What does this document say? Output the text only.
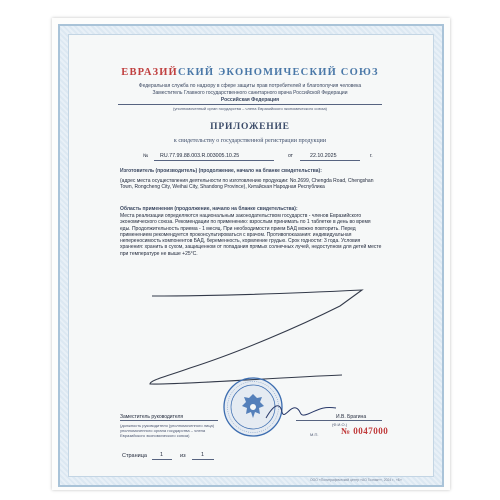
ЕВРАЗИЙСКИЙ ЭКОНОМИЧЕСКИЙ СОЮЗ
Федеральная служба по надзору в сфере защиты прав потребителей и благополучия человека
Заместитель Главного государственного санитарного врача Российской Федерации
Российская Федерация
(уполномоченный орган государства – члена Евразийского экономического союза)
ПРИЛОЖЕНИЕ
к свидетельству о государственной регистрации продукции
№ RU.77.99.88.003.R.003005.10.25	от	22.10.2025	г.
Изготовитель (производитель) (продолжение, начало на бланке свидетельства):
(адрес места осуществления деятельности по изготовлению продукции: No.2699, Chengda Road, Chengshan Town, Rongcheng City, Weihai City, Shandong Province), Китайская Народная Республика
Область применения (продолжение, начало на бланке свидетельства):
Места реализации определяются национальным законодательством государств - членов Евразийского экономического союза. Рекомендации по применению: взрослым принимать по 1 таблетке в день во время еды. Продолжительность приема - 1 месяц. При необходимости прием БАД можно повторить. Перед применением рекомендуется проконсультироваться с врачом. Противопоказания: индивидуальная непереносимость компонентов БАД, беременность, кормление грудью. Срок годности: 3 года. Условия хранения: хранить в сухом, защищенном от попадания прямых солнечных лучей, недоступном для детей месте при температуре не выше +25°С.
Заместитель руководителя	И.В. Брагина
(Ф.И.О.)
(должность руководителя (уполномоченного лица) уполномоченного органа государства – члена Евразийского экономического союза)	М.П.	№ 0047000
Страница 1	из	1
ООО «Полиграфический центр «АО Гознак»», 2024 г., «Б»
